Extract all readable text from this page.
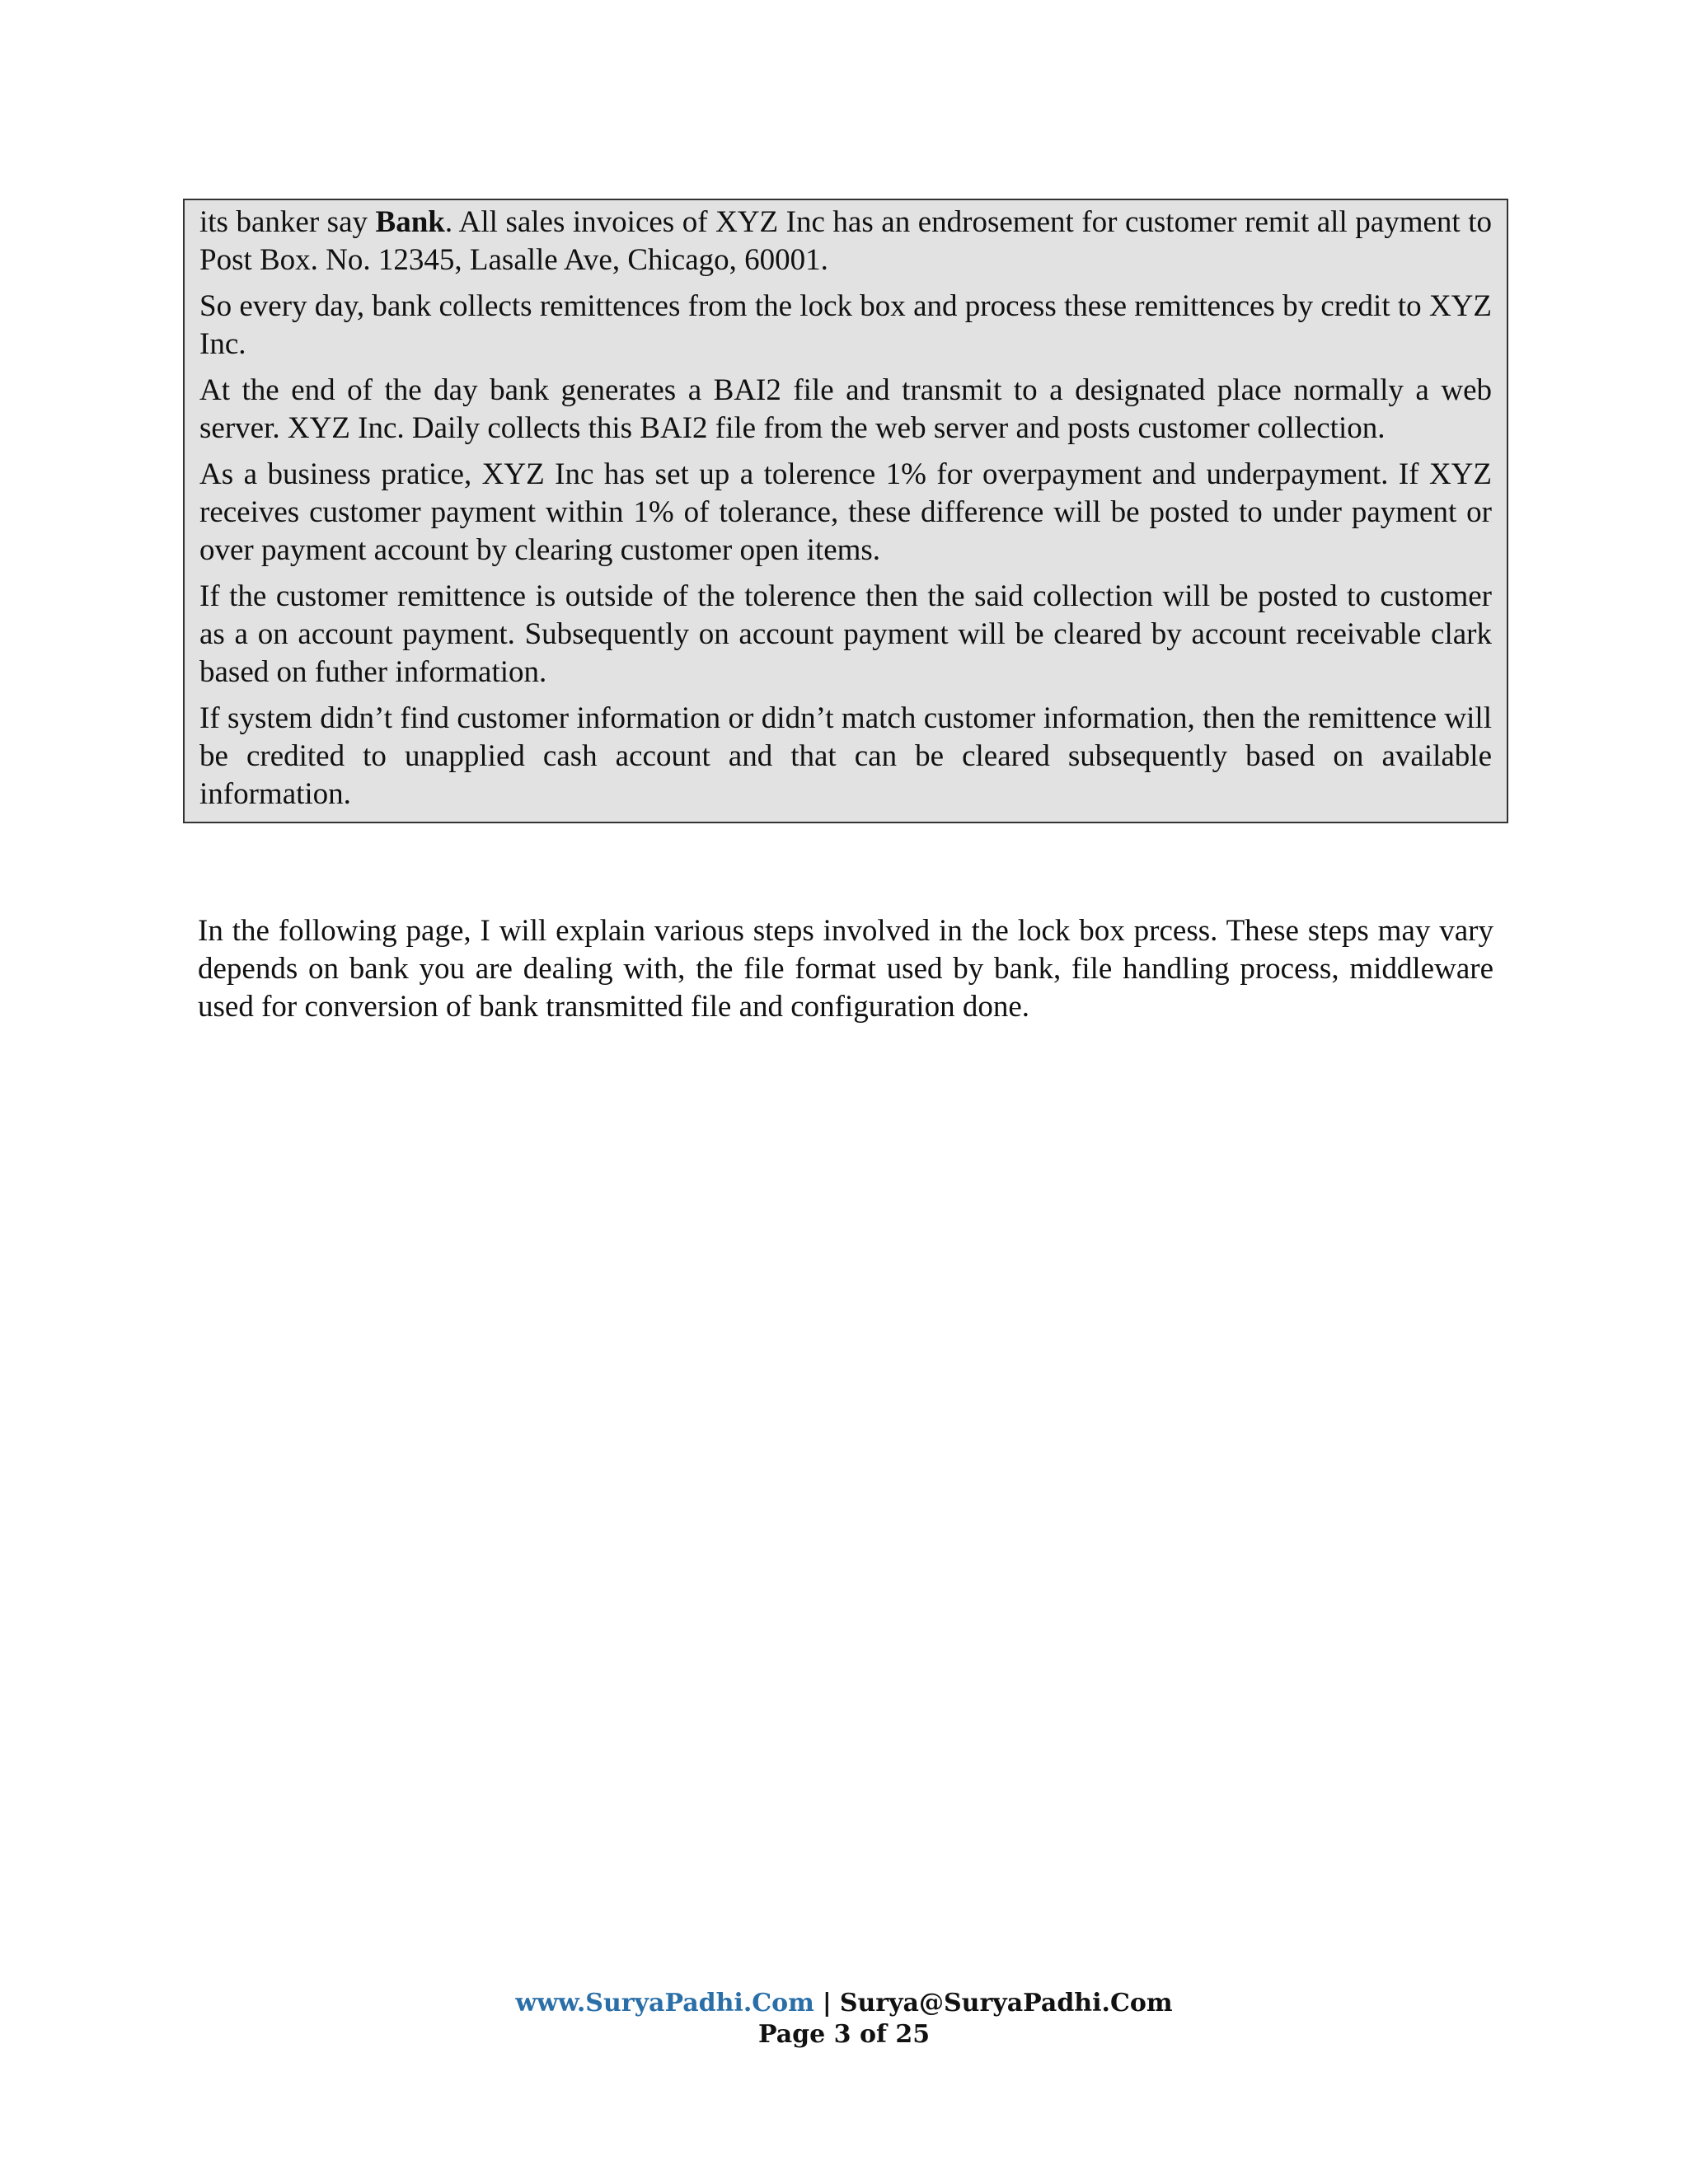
its banker say Bank. All sales invoices of XYZ Inc has an endrosement for customer remit all payment to Post Box. No. 12345, Lasalle Ave, Chicago, 60001.

So every day, bank collects remittences from the lock box and process these remittences by credit to XYZ Inc.

At the end of the day bank generates a BAI2 file and transmit to a designated place normally a web server. XYZ Inc. Daily collects this BAI2 file from the web server and posts customer collection.

As a business pratice, XYZ Inc has set up a tolerence 1% for overpayment and underpayment. If XYZ receives customer payment within 1% of tolerance, these difference will be posted to under payment or over payment account by clearing customer open items.

If the customer remittence is outside of the tolerence then the said collection will be posted to customer as a on account payment. Subsequently on account payment will be cleared by account receivable clark based on futher information.

If system didn’t find customer information or didn’t match customer information, then the remittence will be credited to unapplied cash account and that can be cleared subsequently based on available information.

In the following page, I will explain various steps involved in the lock box prcess. These steps may vary depends on bank you are dealing with, the file format used by bank, file handling process, middleware used for conversion of bank transmitted file and configuration done.

www.SuryaPadhi.Com | Surya@SuryaPadhi.Com
Page 3 of 25
